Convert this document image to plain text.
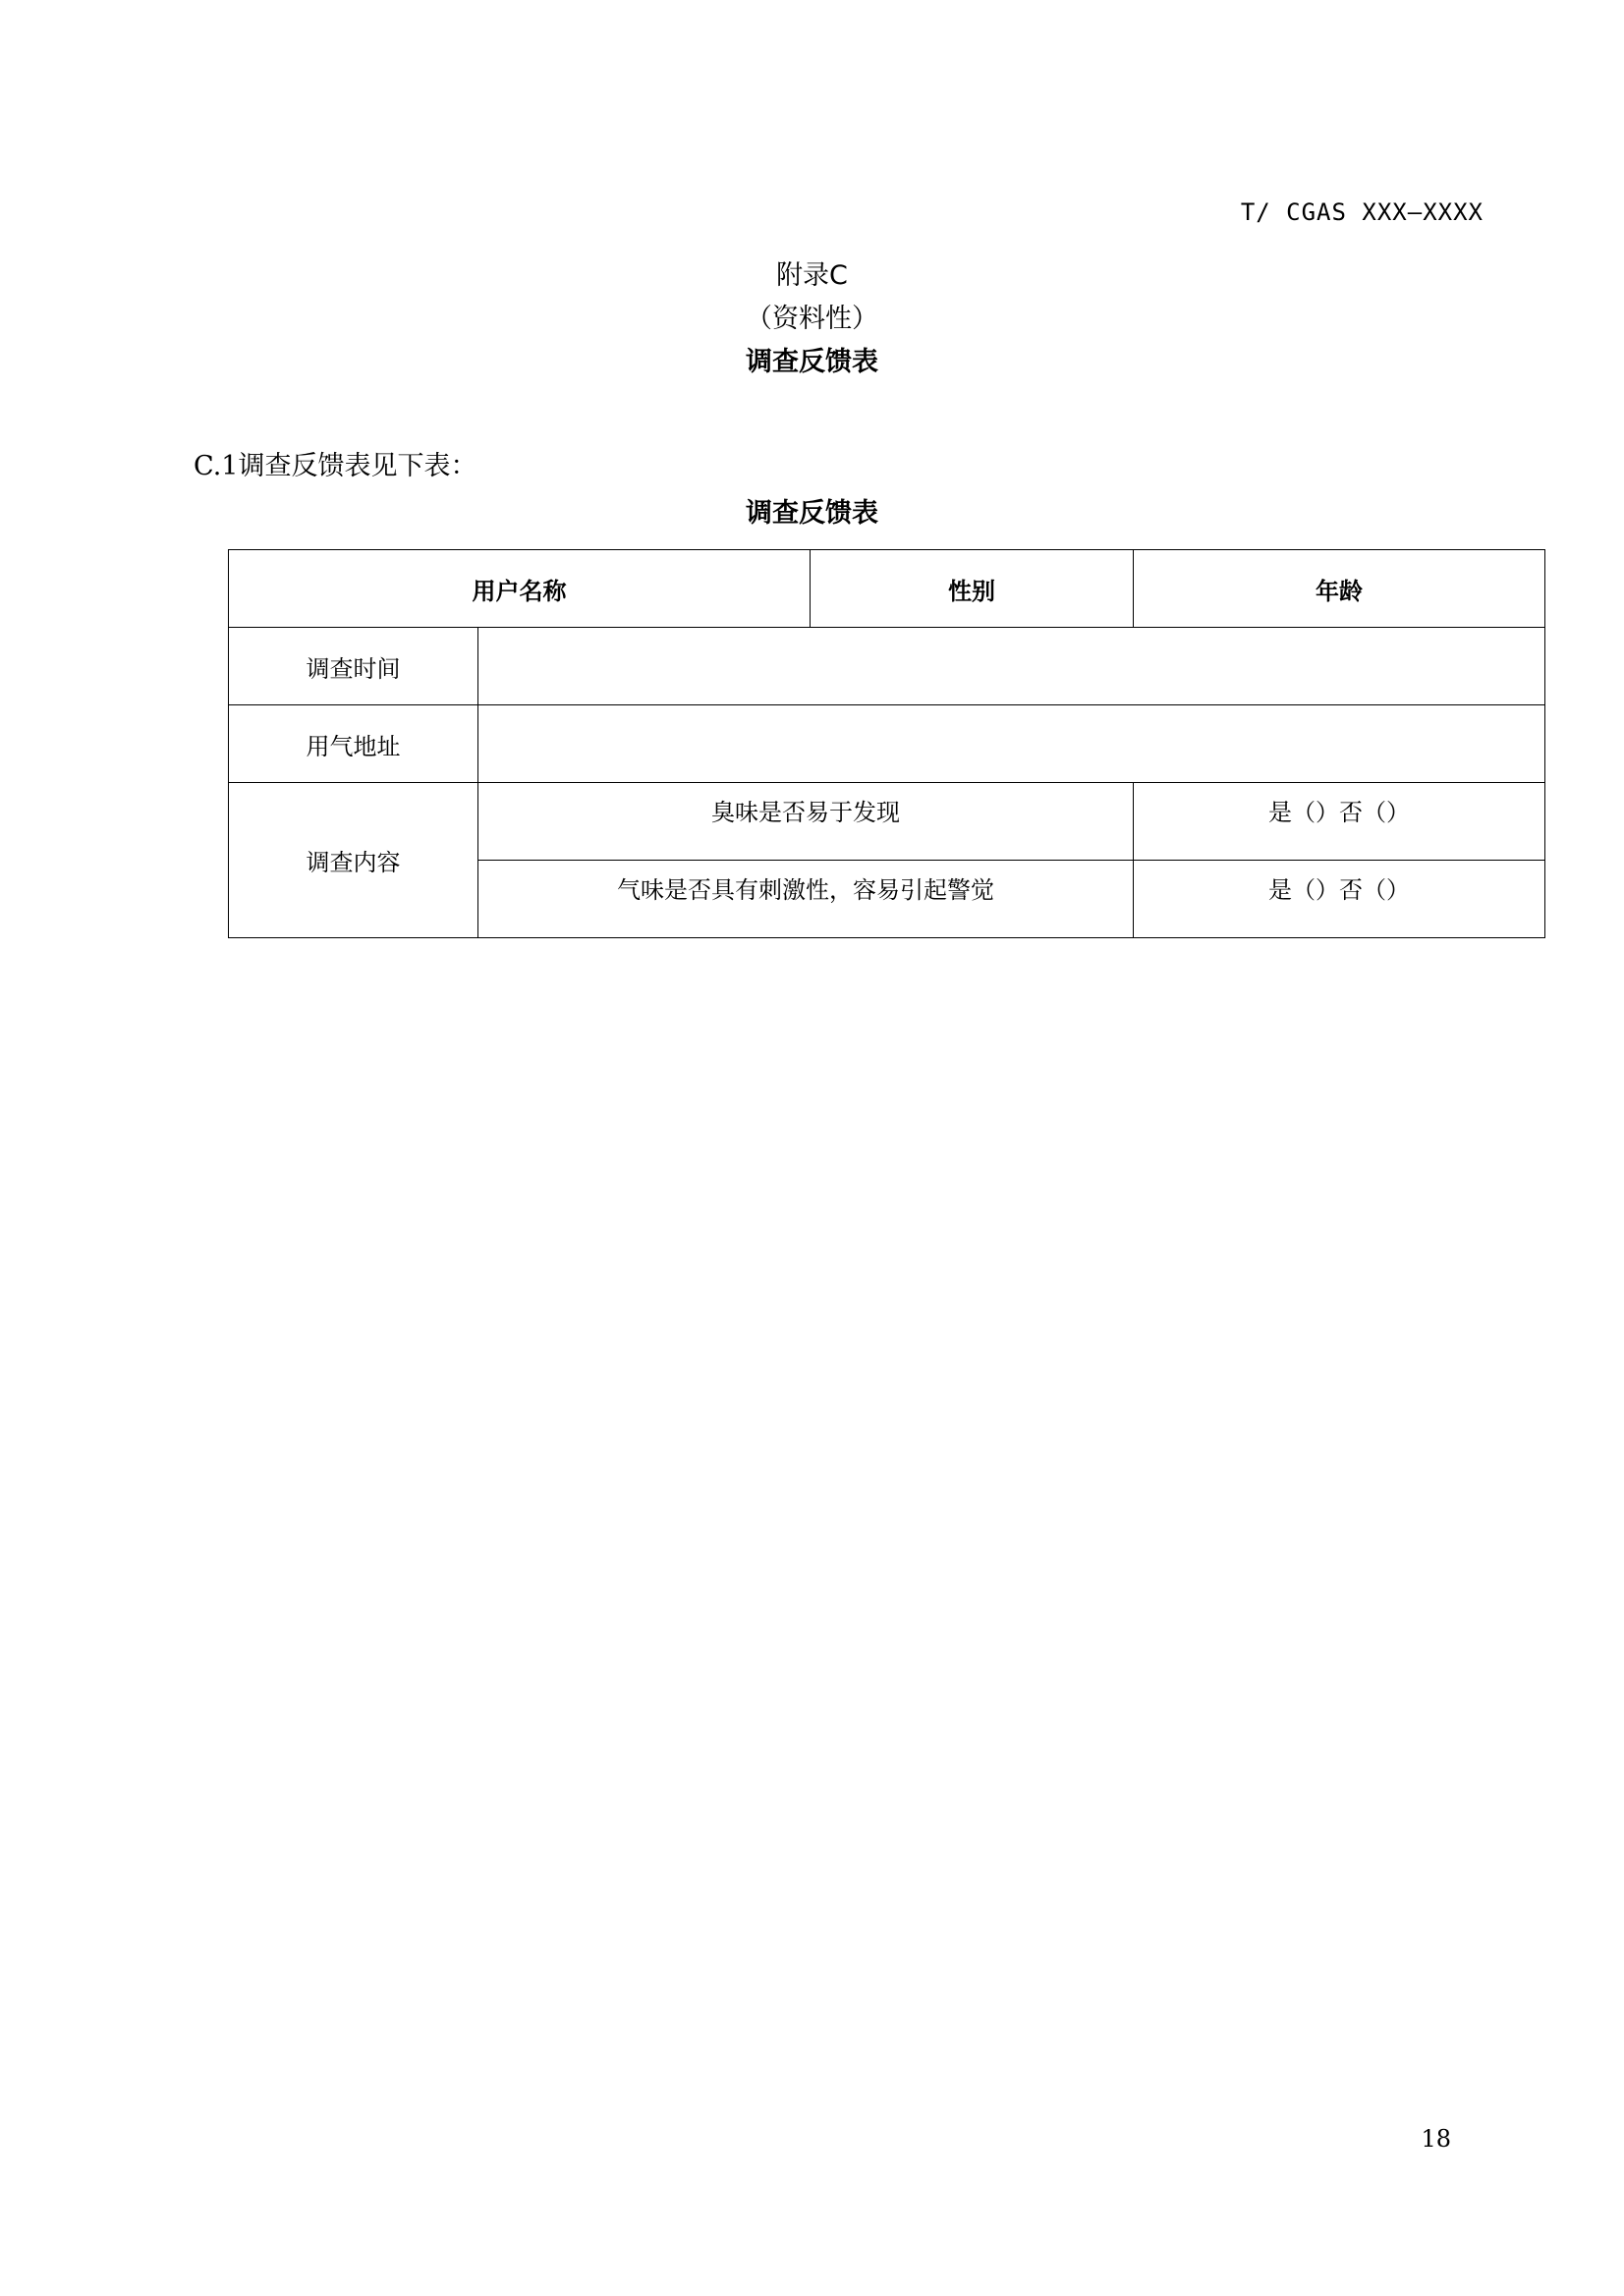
T/ CGAS XXX—XXXX
附录C
（资料性）
调查反馈表
C.1调查反馈表见下表：
调查反馈表
用户名称		性别	年龄
调查时间			
用气地址			
调查内容	臭味是否易于发现		是（）否（）
	气味是否具有刺激性，容易引起警觉		是（）否（）
18
